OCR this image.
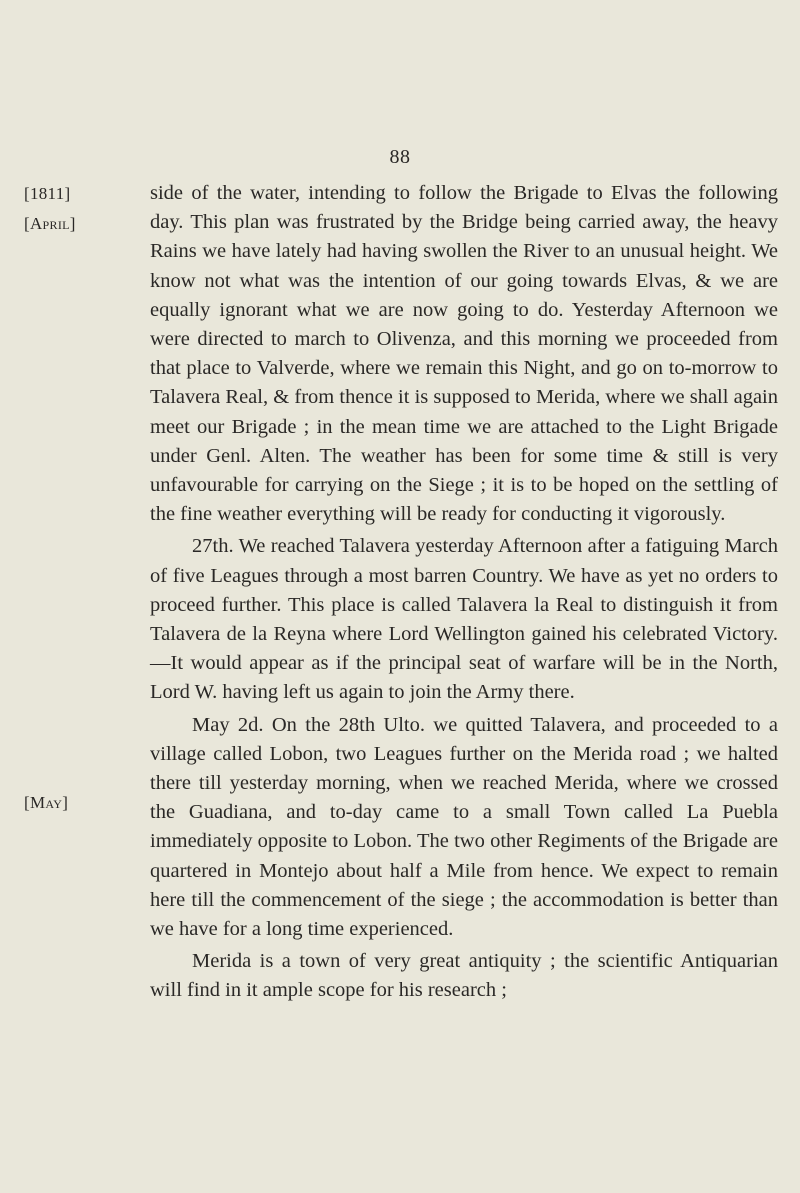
88
[1811]
[April]
[May]

side of the water, intending to follow the Brigade to Elvas the following day. This plan was frustrated by the Bridge being carried away, the heavy Rains we have lately had having swollen the River to an unusual height. We know not what was the intention of our going towards Elvas, & we are equally ignorant what we are now going to do. Yesterday Afternoon we were directed to march to Olivenza, and this morning we proceeded from that place to Valverde, where we remain this Night, and go on to-morrow to Talavera Real, & from thence it is supposed to Merida, where we shall again meet our Brigade ; in the mean time we are attached to the Light Brigade under Genl. Alten. The weather has been for some time & still is very unfavourable for carrying on the Siege ; it is to be hoped on the settling of the fine weather everything will be ready for conducting it vigorously.

27th. We reached Talavera yesterday Afternoon after a fatiguing March of five Leagues through a most barren Country. We have as yet no orders to proceed further. This place is called Talavera la Real to distinguish it from Talavera de la Reyna where Lord Wellington gained his celebrated Victory.—It would appear as if the principal seat of warfare will be in the North, Lord W. having left us again to join the Army there.

May 2d. On the 28th Ulto. we quitted Talavera, and proceeded to a village called Lobon, two Leagues further on the Merida road ; we halted there till yesterday morning, when we reached Merida, where we crossed the Guadiana, and to-day came to a small Town called La Puebla immediately opposite to Lobon. The two other Regiments of the Brigade are quartered in Montejo about half a Mile from hence. We expect to remain here till the commencement of the siege ; the accommodation is better than we have for a long time experienced.

Merida is a town of very great antiquity ; the scientific Antiquarian will find in it ample scope for his research ;
